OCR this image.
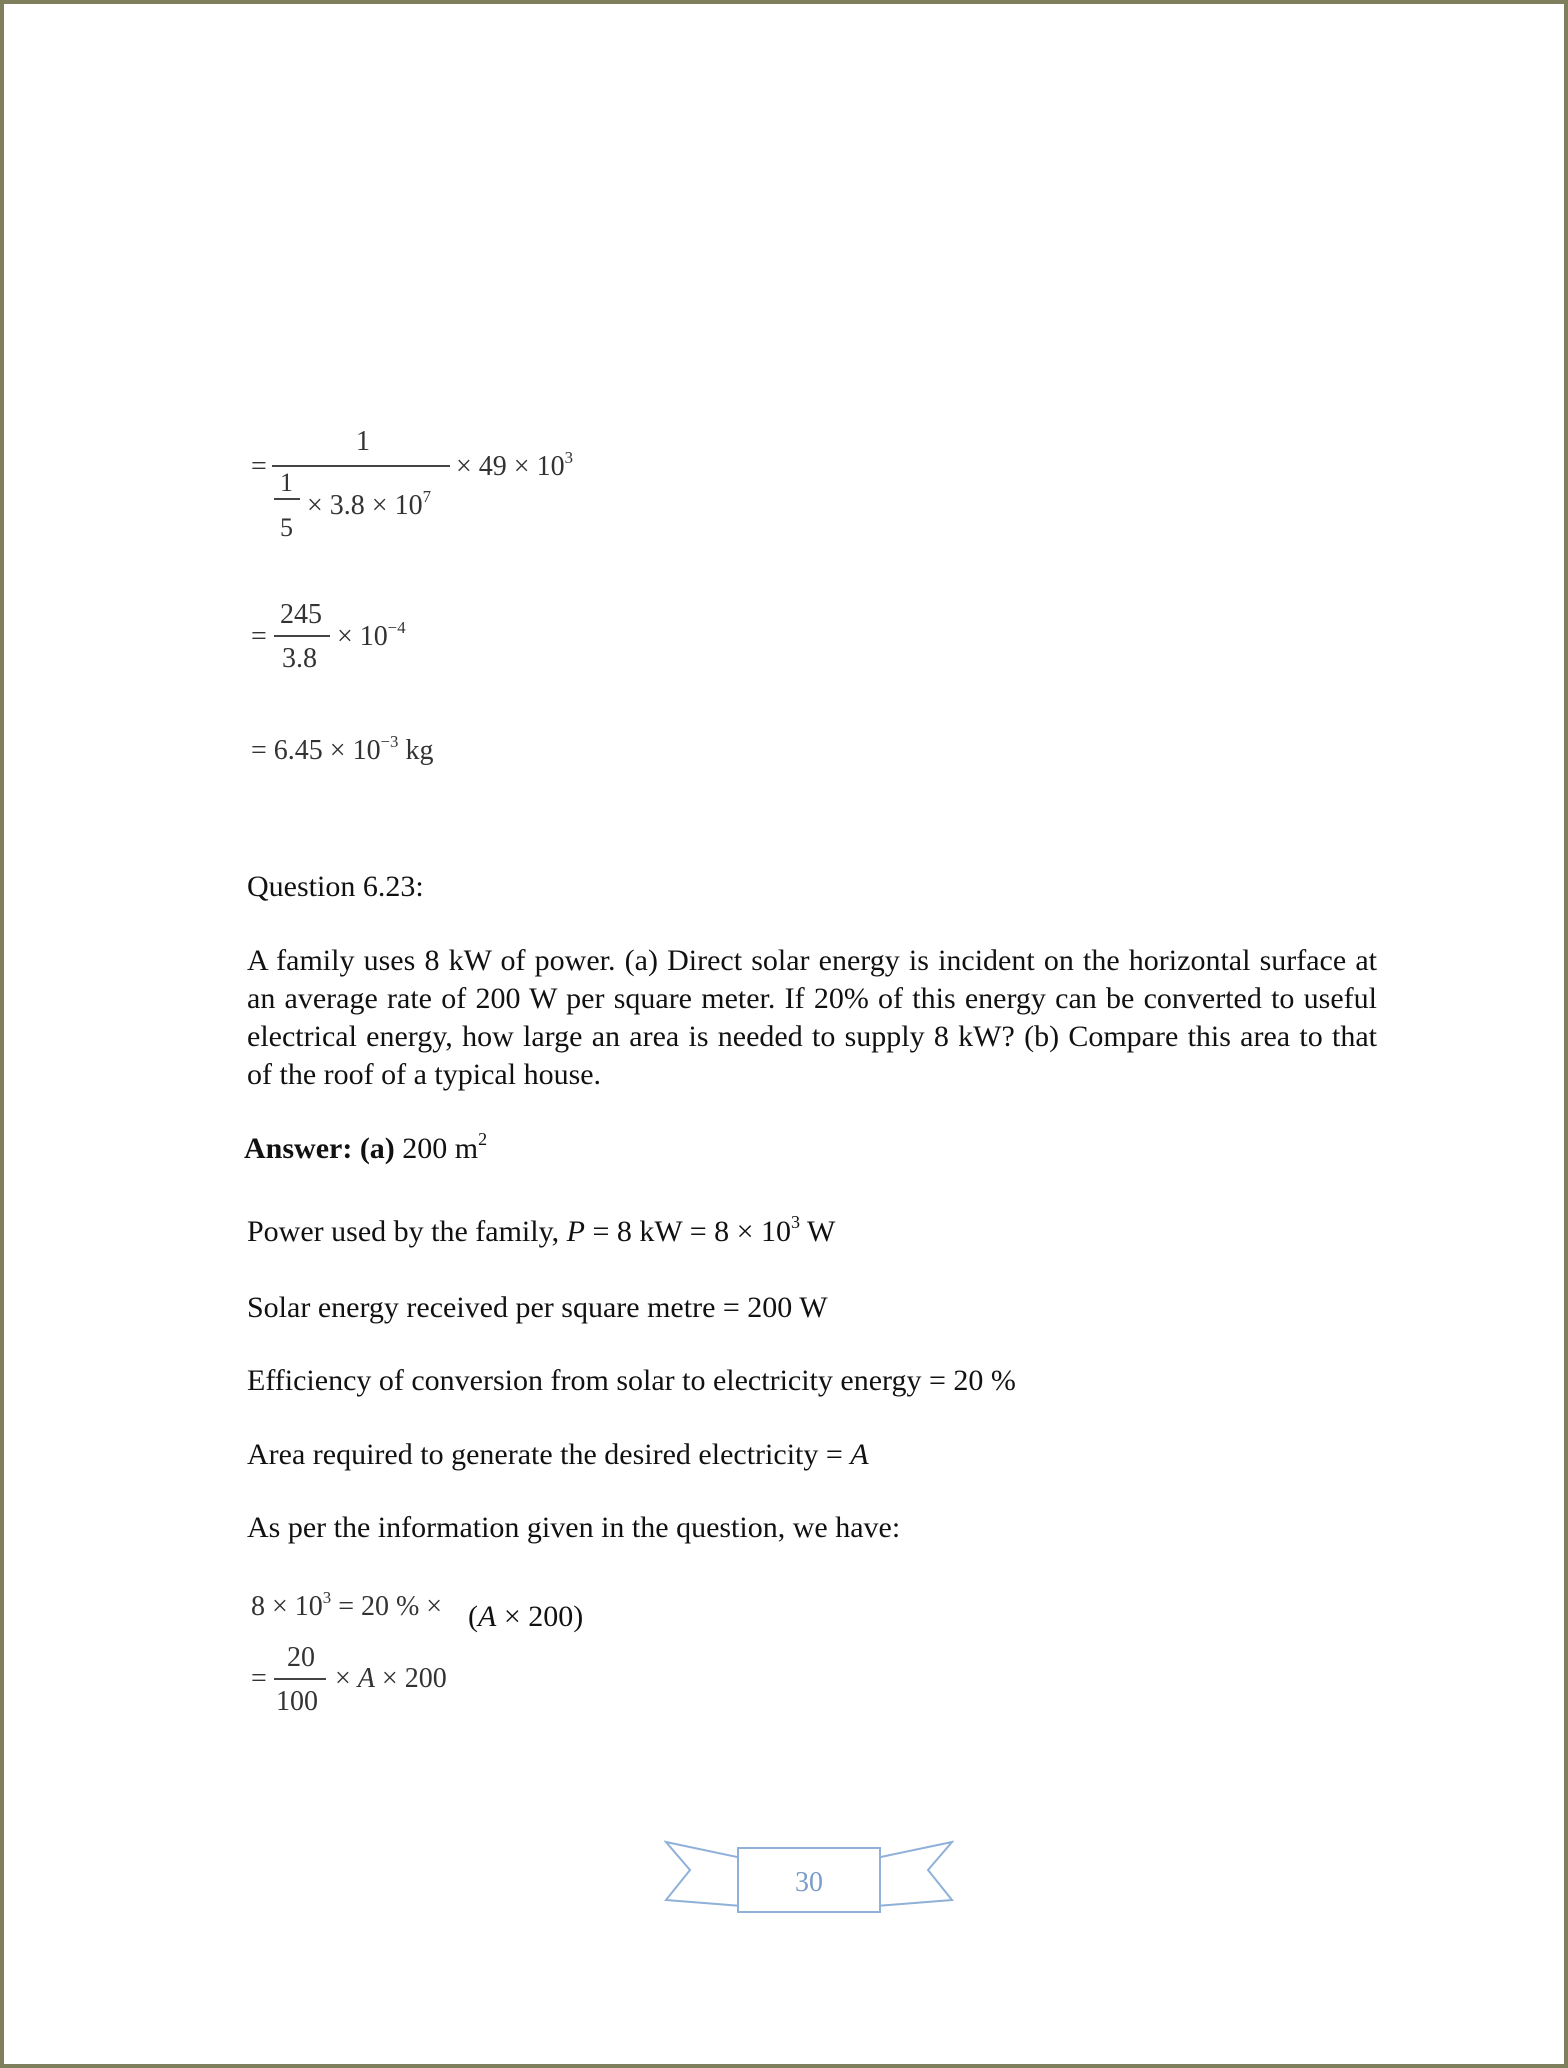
=
1
1
5
× $3.8 \times 10^7$
× $49 \times 10^3$
=
245
3.8
× $10^{-4}$
= $6.45 \times 10^{-3}$ kg
Question 6.23:
A family uses 8 kW of power. (a) Direct solar energy is incident on the horizontal surface at an average rate of 200 W per square meter. If 20% of this energy can be converted to useful electrical energy, how large an area is needed to supply 8 kW? (b) Compare this area to that of the roof of a typical house.
Answer: (a) 200 $m^2$
Power used by the family, P = 8 kW = $8 \times 10^3$ W
Solar energy received per square metre = 200 W
Efficiency of conversion from solar to electricity energy = 20 %
Area required to generate the desired electricity = A
As per the information given in the question, we have:
$8 \times 10^3 = 20$ % × (A × 200)
=
20
100
× A × 200
30
